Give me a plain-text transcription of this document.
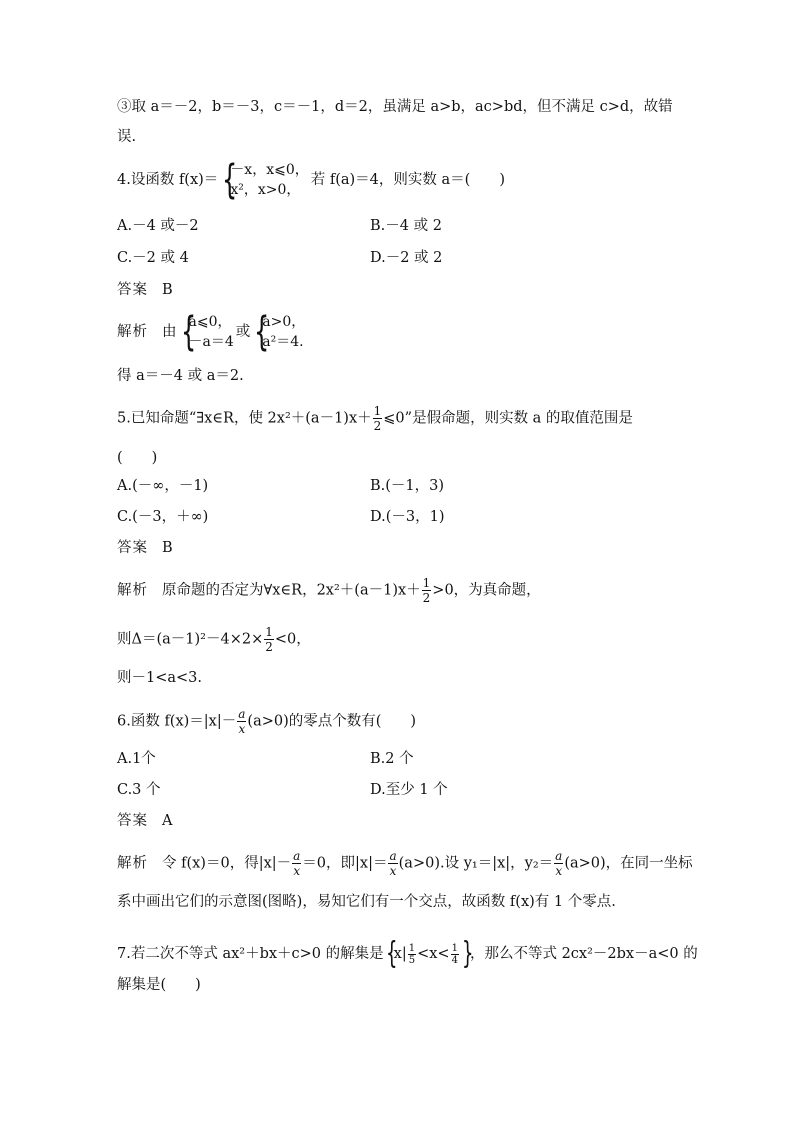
③取 a＝－2，b＝－3，c＝－1，d＝2，虽满足 a>b，ac>bd，但不满足 c>d，故错
误.
4.设函数 f(x)＝ {
－x，x⩽0，
x²，x>0，
若 f(a)＝4，则实数 a＝(　　)
A.－4 或－2	B.－4 或 2
C.－2 或 4	D.－2 或 2
答案 B
解析 由 {
a⩽0，
－a＝4
或 {
a>0，
a²＝4.
得 a＝－4 或 a＝2.
5.已知命题“∃x∈R，使 $2x^2+(a-1)x+ \frac{1}{2}$ ⩽0”是假命题，则实数 a 的取值范围是
(　　)
A.(－∞，－1)	B.(－1，3)
C.(－3，＋∞)	D.(－3，1)
答案 B
解析 原命题的否定为∀x∈R，$2x^2+(a-1)x+ \frac{1}{2} >0$，为真命题，
则$\Delta=(a-1)^2-4\times 2\times \frac{1}{2} <0$，
则－1<a<3.
6.函数 $f(x)=|x|- \frac{a}{x} (a>0)$的零点个数有(　　)
A.1个	B.2 个
C.3 个	D.至少 1 个
答案 A
解析 令 f(x)＝0，得$|x|- \frac{a}{x} =0$，即$|x|= \frac{a}{x} (a>0)$.设 y₁＝|x|，$y_2= \frac{a}{x} (a>0)$，在同一坐标
系中画出它们的示意图(图略)，易知它们有一个交点，故函数 f(x)有 1 个零点.
7.若二次不等式 ax²＋bx＋c>0 的解集是 {
$x| \frac{1}{5} <x< \frac{1}{4}$ }
，那么不等式 2cx²－2bx－a<0 的
解集是(　　)
